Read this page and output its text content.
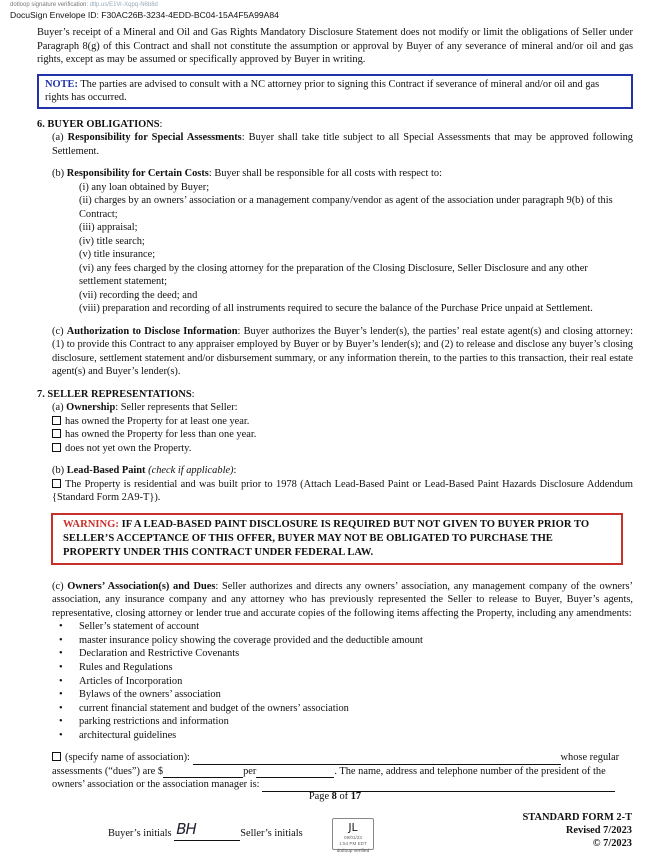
dotloop signature verification: dtlp.us/E1Vr-Xqpq-N6b8d
DocuSign Envelope ID: F30AC26B-3234-4EDD-BC04-15A4F5A99A84

Buyer’s receipt of a Mineral and Oil and Gas Rights Mandatory Disclosure Statement does not modify or limit the obligations of Seller under Paragraph 8(g) of this Contract and shall not constitute the assumption or approval by Buyer of any severance of mineral and/or oil and gas rights, except as may be assumed or specifically approved by Buyer in writing.

NOTE: The parties are advised to consult with a NC attorney prior to signing this Contract if severance of mineral and/or oil and gas rights has occurred.

6. BUYER OBLIGATIONS:

(a) Responsibility for Special Assessments: Buyer shall take title subject to all Special Assessments that may be approved following Settlement.

(b) Responsibility for Certain Costs: Buyer shall be responsible for all costs with respect to:

(i) any loan obtained by Buyer;

(ii) charges by an owners’ association or a management company/vendor as agent of the association under paragraph 9(b) of this Contract;

(iii) appraisal;

(iv) title search;

(v) title insurance;

(vi) any fees charged by the closing attorney for the preparation of the Closing Disclosure, Seller Disclosure and any other settlement statement;

(vii) recording the deed; and

(viii) preparation and recording of all instruments required to secure the balance of the Purchase Price unpaid at Settlement.

(c) Authorization to Disclose Information: Buyer authorizes the Buyer’s lender(s), the parties’ real estate agent(s) and closing attorney: (1) to provide this Contract to any appraiser employed by Buyer or by Buyer’s lender(s); and (2) to release and disclose any buyer’s closing disclosure, settlement statement and/or disbursement summary, or any information therein, to the parties to this transaction, their real estate agent(s) and Buyer’s lender(s).

7. SELLER REPRESENTATIONS:

(a) Ownership: Seller represents that Seller:

has owned the Property for at least one year.

has owned the Property for less than one year.

does not yet own the Property.

(b) Lead-Based Paint (check if applicable):

The Property is residential and was built prior to 1978 (Attach Lead-Based Paint or Lead-Based Paint Hazards Disclosure Addendum {Standard Form 2A9-T}).

WARNING: IF A LEAD-BASED PAINT DISCLOSURE IS REQUIRED BUT NOT GIVEN TO BUYER PRIOR TO SELLER’S ACCEPTANCE OF THIS OFFER, BUYER MAY NOT BE OBLIGATED TO PURCHASE THE PROPERTY UNDER THIS CONTRACT UNDER FEDERAL LAW.

(c) Owners’ Association(s) and Dues: Seller authorizes and directs any owners’ association, any management company of the owners’ association, any insurance company and any attorney who has previously represented the Seller to release to Buyer, Buyer’s agents, representative, closing attorney or lender true and accurate copies of the following items affecting the Property, including any amendments:

• Seller’s statement of account
• master insurance policy showing the coverage provided and the deductible amount
• Declaration and Restrictive Covenants
• Rules and Regulations
• Articles of Incorporation
• Bylaws of the owners’ association
• current financial statement and budget of the owners’ association
• parking restrictions and information
• architectural guidelines

(specify name of association):	whose regular

assessments (“dues”) are $	per	. The name, address and telephone number of the president of the

owners’ association or the association manager is:

Page 8 of 17
STANDARD FORM 2-T
Revised 7/2023
© 7/2023
Buyer’s initials BH	Seller’s initials	JL
09/01/23
1:54 PM EDT
dotloop verified
